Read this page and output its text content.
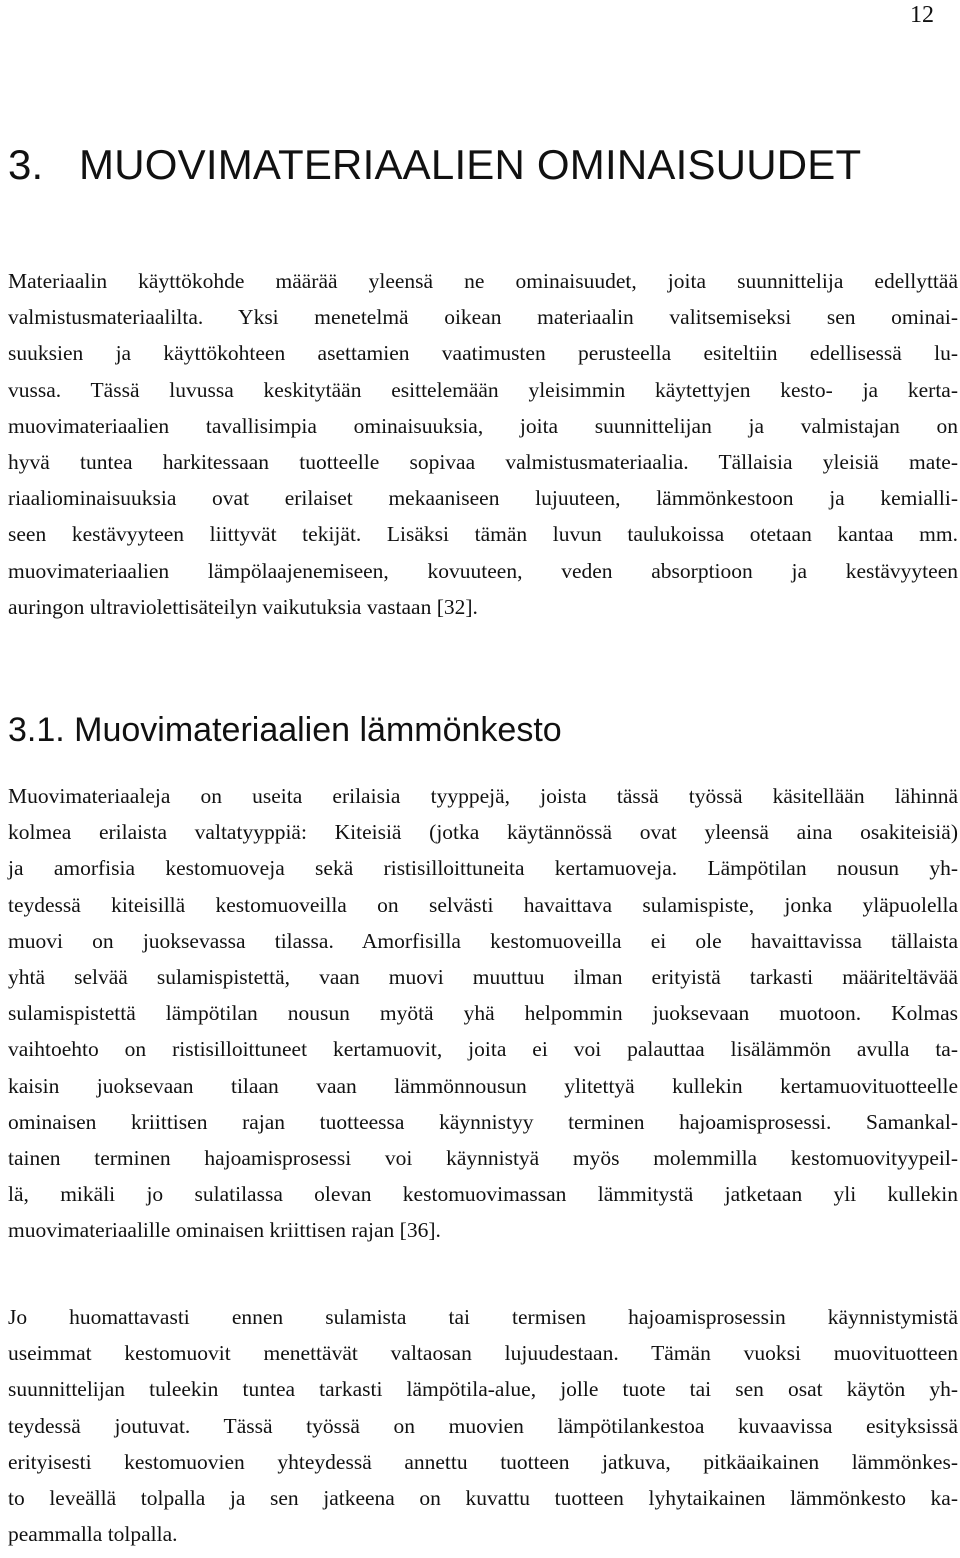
12
3.   MUOVIMATERIAALIEN OMINAISUUDET
Materiaalin käyttökohde määrää yleensä ne ominaisuudet, joita suunnittelija edellyttää
valmistusmateriaalilta. Yksi menetelmä oikean materiaalin valitsemiseksi sen ominai-
suuksien ja käyttökohteen asettamien vaatimusten perusteella esiteltiin edellisessä lu-
vussa. Tässä luvussa keskitytään esittelemään yleisimmin käytettyjen kesto- ja kerta-
muovimateriaalien tavallisimpia ominaisuuksia, joita suunnittelijan ja valmistajan on
hyvä tuntea harkitessaan tuotteelle sopivaa valmistusmateriaalia. Tällaisia yleisiä mate-
riaaliominaisuuksia ovat erilaiset mekaaniseen lujuuteen, lämmönkestoon ja kemialli-
seen kestävyyteen liittyvät tekijät. Lisäksi tämän luvun taulukoissa otetaan kantaa mm.
muovimateriaalien lämpölaajenemiseen, kovuuteen, veden absorptioon ja kestävyyteen
auringon ultraviolettisäteilyn vaikutuksia vastaan [32].
3.1. Muovimateriaalien lämmönkesto
Muovimateriaaleja on useita erilaisia tyyppejä, joista tässä työssä käsitellään lähinnä
kolmea erilaista valtatyyppiä: Kiteisiä (jotka käytännössä ovat yleensä aina osakiteisiä)
ja amorfisia kestomuoveja sekä ristisilloittuneita kertamuoveja. Lämpötilan nousun yh-
teydessä kiteisillä kestomuoveilla on selvästi havaittava sulamispiste, jonka yläpuolella
muovi on juoksevassa tilassa. Amorfisilla kestomuoveilla ei ole havaittavissa tällaista
yhtä selvää sulamispistettä, vaan muovi muuttuu ilman erityistä tarkasti määriteltävää
sulamispistettä lämpötilan nousun myötä yhä helpommin juoksevaan muotoon. Kolmas
vaihtoehto on ristisilloittuneet kertamuovit, joita ei voi palauttaa lisälämmön avulla ta-
kaisin juoksevaan tilaan vaan lämmönnousun ylitettyä kullekin kertamuovituotteelle
ominaisen kriittisen rajan tuotteessa käynnistyy terminen hajoamisprosessi. Samankal-
tainen terminen hajoamisprosessi voi käynnistyä myös molemmilla kestomuovityypeil-
lä, mikäli jo sulatilassa olevan kestomuovimassan lämmitystä jatketaan yli kullekin
muovimateriaalille ominaisen kriittisen rajan [36].
Jo huomattavasti ennen sulamista tai termisen hajoamisprosessin käynnistymistä
useimmat kestomuovit menettävät valtaosan lujuudestaan. Tämän vuoksi muovituotteen
suunnittelijan tuleekin tuntea tarkasti lämpötila-alue, jolle tuote tai sen osat käytön yh-
teydessä joutuvat. Tässä työssä on muovien lämpötilankestoa kuvaavissa esityksissä
erityisesti kestomuovien yhteydessä annettu tuotteen jatkuva, pitkäaikainen lämmönkes-
to leveällä tolpalla ja sen jatkeena on kuvattu tuotteen lyhytaikainen lämmönkesto ka-
peammalla tolpalla.
